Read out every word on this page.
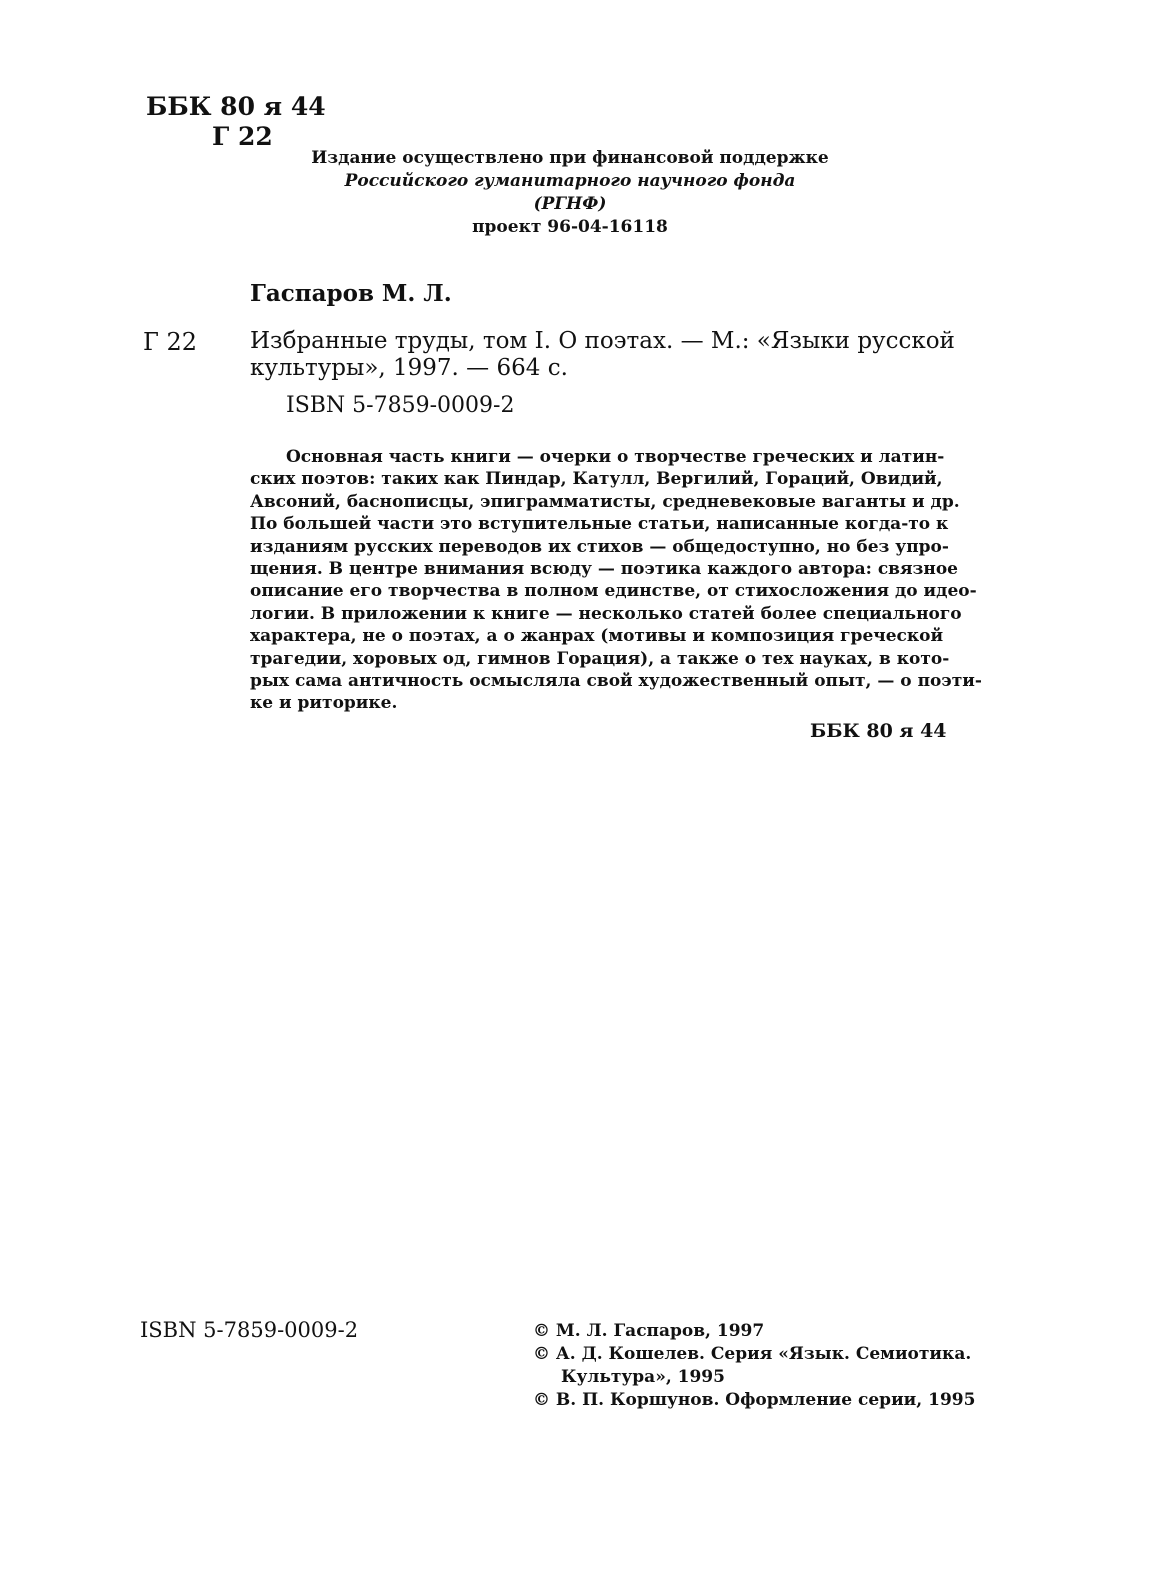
ББК 80 я 44
Г 22
Издание осуществлено при финансовой поддержке
Российского гуманитарного научного фонда
(РГНФ)
проект 96-04-16118
Гаспаров М. Л.
Г 22 Избранные труды, том I. О поэтах. — М.: «Языки русской
культуры», 1997. — 664 с.
ISBN 5-7859-0009-2
Основная часть книги — очерки о творчестве греческих и латин-
ских поэтов: таких как Пиндар, Катулл, Вергилий, Гораций, Овидий,
Авсоний, баснописцы, эпиграмматисты, средневековые ваганты и др.
По большей части это вступительные статьи, написанные когда-то к
изданиям русских переводов их стихов — общедоступно, но без упро-
щения. В центре внимания всюду — поэтика каждого автора: связное
описание его творчества в полном единстве, от стихосложения до идео-
логии. В приложении к книге — несколько статей более специального
характера, не о поэтах, а о жанрах (мотивы и композиция греческой
трагедии, хоровых од, гимнов Горация), а также о тех науках, в кото-
рых сама античность осмысляла свой художественный опыт, — о поэти-
ке и риторике.
ББК 80 я 44
ISBN 5-7859-0009-2	© М. Л. Гаспаров, 1997
© А. Д. Кошелев. Серия «Язык. Семиотика.
Культура», 1995
© В. П. Коршунов. Оформление серии, 1995
